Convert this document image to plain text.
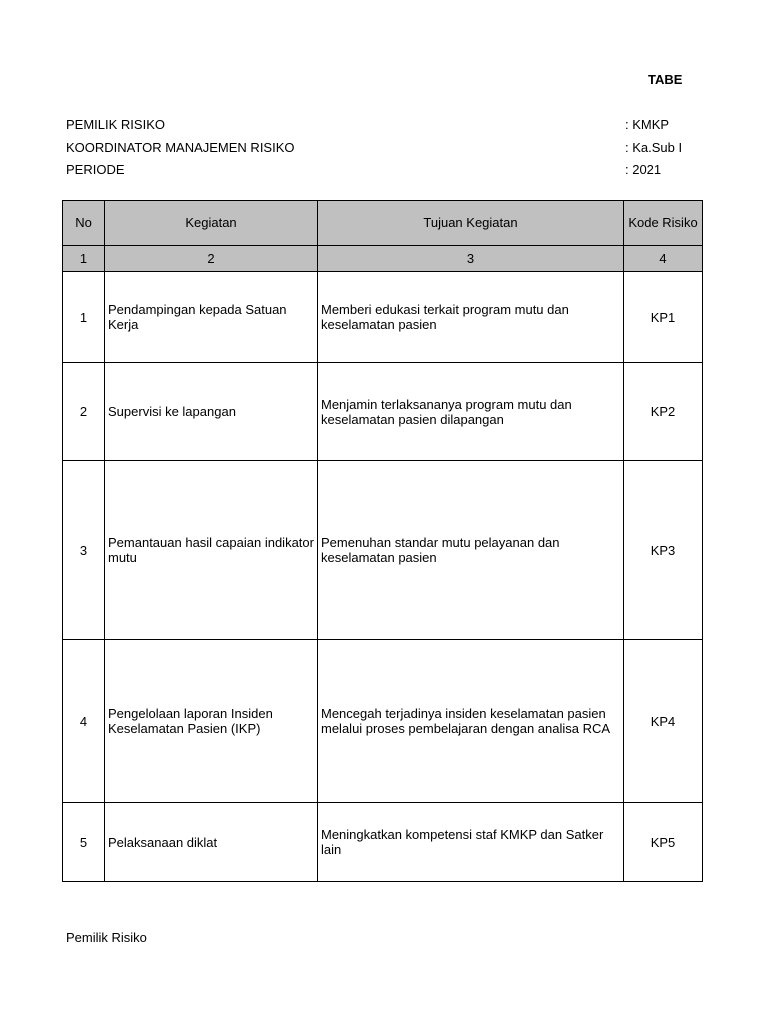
TABE
PEMILIK RISIKO	: KMKP
KOORDINATOR MANAJEMEN RISIKO	: Ka.Sub I
PERIODE	: 2021
No	Kegiatan	Tujuan Kegiatan	Kode Risiko
1	2	3	4
1	Pendampingan kepada Satuan Kerja	Memberi edukasi terkait program mutu dan keselamatan pasien	KP1
2	Supervisi ke lapangan	Menjamin terlaksananya program mutu dan keselamatan pasien dilapangan	KP2
3	Pemantauan hasil capaian indikator mutu	Pemenuhan standar mutu pelayanan dan keselamatan pasien	KP3
4	Pengelolaan laporan Insiden Keselamatan Pasien (IKP)	Mencegah terjadinya insiden keselamatan pasien melalui proses pembelajaran dengan analisa RCA	KP4
5	Pelaksanaan diklat	Meningkatkan kompetensi staf KMKP dan Satker lain	KP5
Pemilik Risiko
